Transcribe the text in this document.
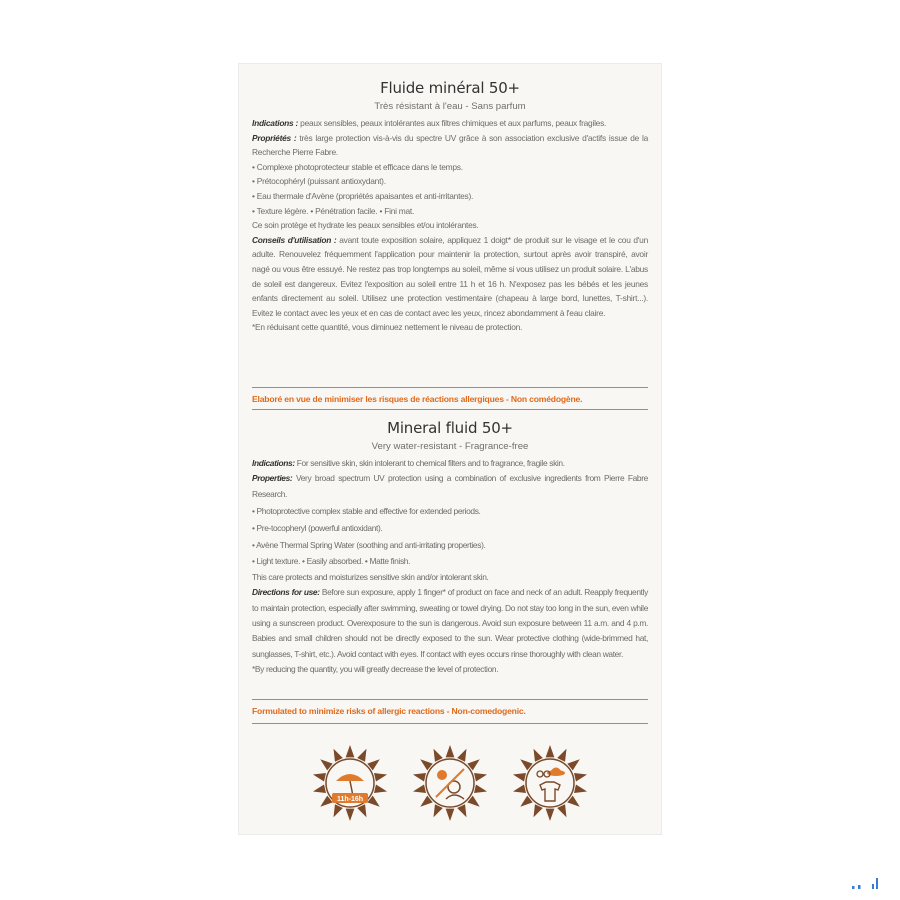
Fluide minéral 50+
Très résistant à l'eau - Sans parfum
Indications : peaux sensibles, peaux intolérantes aux filtres chimiques et aux parfums, peaux fragiles.
Propriétés : très large protection vis-à-vis du spectre UV grâce à son association exclusive d'actifs issue de la Recherche Pierre Fabre.
• Complexe photoprotecteur stable et efficace dans le temps.
• Prétocophéryl (puissant antioxydant).
• Eau thermale d'Avène (propriétés apaisantes et anti-irritantes).
• Texture légère. • Pénétration facile. • Fini mat.
Ce soin protège et hydrate les peaux sensibles et/ou intolérantes.
Conseils d'utilisation : avant toute exposition solaire, appliquez 1 doigt* de produit sur le visage et le cou d'un adulte. Renouvelez fréquemment l'application pour maintenir la protection, surtout après avoir transpiré, avoir nagé ou vous être essuyé. Ne restez pas trop longtemps au soleil, même si vous utilisez un produit solaire. L'abus de soleil est dangereux. Evitez l'exposition au soleil entre 11 h et 16 h. N'exposez pas les bébés et les jeunes enfants directement au soleil. Utilisez une protection vestimentaire (chapeau à large bord, lunettes, T-shirt...). Evitez le contact avec les yeux et en cas de contact avec les yeux, rincez abondamment à l'eau claire.
*En réduisant cette quantité, vous diminuez nettement le niveau de protection.
Elaboré en vue de minimiser les risques de réactions allergiques - Non comédogène.
Mineral fluid 50+
Very water-resistant - Fragrance-free
Indications: For sensitive skin, skin intolerant to chemical filters and to fragrance, fragile skin.
Properties: Very broad spectrum UV protection using a combination of exclusive ingredients from Pierre Fabre Research.
• Photoprotective complex stable and effective for extended periods.
• Pre-tocopheryl (powerful antioxidant).
• Avène Thermal Spring Water (soothing and anti-irritating properties).
• Light texture. • Easily absorbed. • Matte finish.
This care protects and moisturizes sensitive skin and/or intolerant skin.
Directions for use: Before sun exposure, apply 1 finger* of product on face and neck of an adult. Reapply frequently to maintain protection, especially after swimming, sweating or towel drying. Do not stay too long in the sun, even while using a sunscreen product. Overexposure to the sun is dangerous. Avoid sun exposure between 11 a.m. and 4 p.m. Babies and small children should not be directly exposed to the sun. Wear protective clothing (wide-brimmed hat, sunglasses, T-shirt, etc.). Avoid contact with eyes. If contact with eyes occurs rinse thoroughly with clean water.
*By reducing the quantity, you will greatly decrease the level of protection.
Formulated to minimize risks of allergic reactions - Non-comedogenic.
11h-16h
